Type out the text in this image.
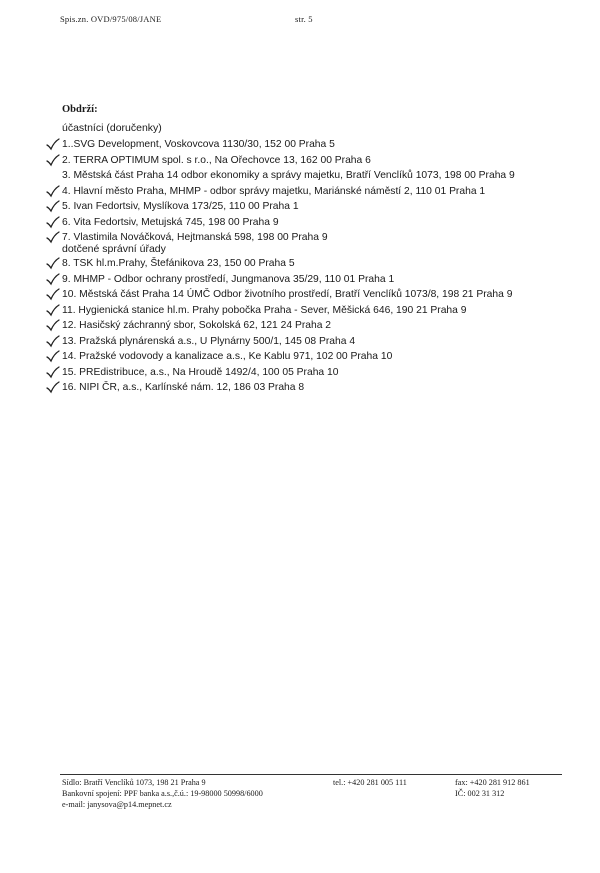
Spis.zn. OVD/975/08/JANE	str. 5
Obdrží:
účastníci (doručenky)
1..SVG Development, Voskovcova 1130/30, 152 00 Praha 5
2. TERRA OPTIMUM spol. s r.o., Na Ořechovce 13, 162 00 Praha 6
3. Městská část Praha 14 odbor ekonomiky a správy majetku, Bratří Venclíků 1073, 198 00 Praha 9
4. Hlavní město Praha, MHMP - odbor správy majetku, Mariánské náměstí 2, 110 01 Praha 1
5. Ivan Fedortsiv, Myslíkova 173/25, 110 00 Praha 1
6. Vita Fedortsiv, Metujská 745, 198 00 Praha 9
7. Vlastimila Nováčková, Hejtmanská 598, 198 00 Praha 9
dotčené správní úřady
8. TSK hl.m.Prahy, Štefánikova 23, 150 00 Praha 5
9. MHMP - Odbor ochrany prostředí, Jungmanova 35/29, 110 01 Praha 1
10. Městská část Praha 14 ÚMČ Odbor životního prostředí, Bratří Venclíků 1073/8, 198 21 Praha 9
11. Hygienická stanice hl.m. Prahy pobočka Praha - Sever, Měšická 646, 190 21 Praha 9
12. Hasičský záchranný sbor, Sokolská 62, 121 24 Praha 2
13. Pražská plynárenská a.s., U Plynárny 500/1, 145 08 Praha 4
14. Pražské vodovody a kanalizace a.s., Ke Kablu 971, 102 00 Praha 10
15. PREdistribuce, a.s., Na Hroudě 1492/4, 100 05 Praha 10
16. NIPI ČR, a.s., Karlínské nám. 12, 186 03 Praha 8
Sídlo: Bratří Venclíků 1073, 198 21 Praha 9
Bankovní spojení: PPF banka a.s.,č.ú.: 19-98000 50998/6000
e-mail: janysova@p14.mepnet.cz
tel.: +420 281 005 111	fax: +420 281 912 861
IČ: 002 31 312
